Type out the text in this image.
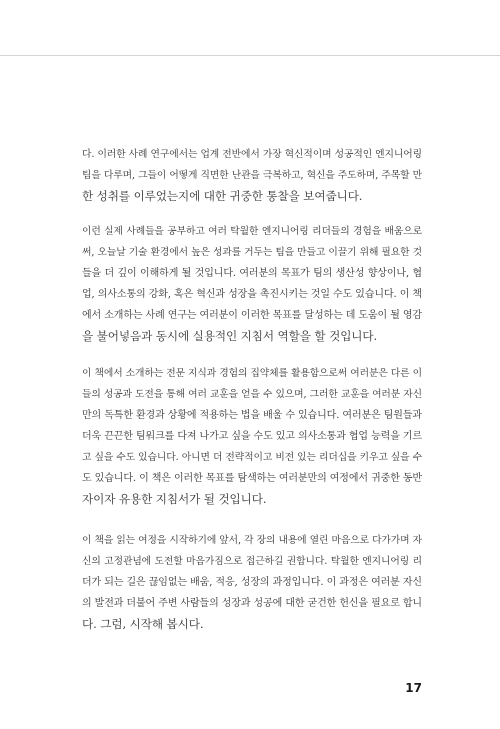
다. 이러한 사례 연구에서는 업계 전반에서 가장 혁신적이며 성공적인 엔지니어링
팀을 다루며, 그들이 어떻게 직면한 난관을 극복하고, 혁신을 주도하며, 주목할 만
한 성취를 이루었는지에 대한 귀중한 통찰을 보여줍니다.
이런 실제 사례들을 공부하고 여러 탁월한 엔지니어링 리더들의 경험을 배움으로
써, 오늘날 기술 환경에서 높은 성과를 거두는 팀을 만들고 이끌기 위해 필요한 것
들을 더 깊이 이해하게 될 것입니다. 여러분의 목표가 팀의 생산성 향상이나, 협
업, 의사소통의 강화, 혹은 혁신과 성장을 촉진시키는 것일 수도 있습니다. 이 책
에서 소개하는 사례 연구는 여러분이 이러한 목표를 달성하는 데 도움이 될 영감
을 불어넣음과 동시에 실용적인 지침서 역할을 할 것입니다.
이 책에서 소개하는 전문 지식과 경험의 집약체를 활용함으로써 여러분은 다른 이
들의 성공과 도전을 통해 여러 교훈을 얻을 수 있으며, 그러한 교훈을 여러분 자신
만의 독특한 환경과 상황에 적용하는 법을 배울 수 있습니다. 여러분은 팀원들과
더욱 끈끈한 팀워크를 다져 나가고 싶을 수도 있고 의사소통과 협업 능력을 기르
고 싶을 수도 있습니다. 아니면 더 전략적이고 비전 있는 리더십을 키우고 싶을 수
도 있습니다. 이 책은 이러한 목표를 탐색하는 여러분만의 여정에서 귀중한 동반
자이자 유용한 지침서가 될 것입니다.
이 책을 읽는 여정을 시작하기에 앞서, 각 장의 내용에 열린 마음으로 다가가며 자
신의 고정관념에 도전할 마음가짐으로 접근하길 권합니다. 탁월한 엔지니어링 리
더가 되는 길은 끊임없는 배움, 적응, 성장의 과정입니다. 이 과정은 여러분 자신
의 발전과 더불어 주변 사람들의 성장과 성공에 대한 굳건한 헌신을 필요로 합니
다. 그럼, 시작해 봅시다.
17
